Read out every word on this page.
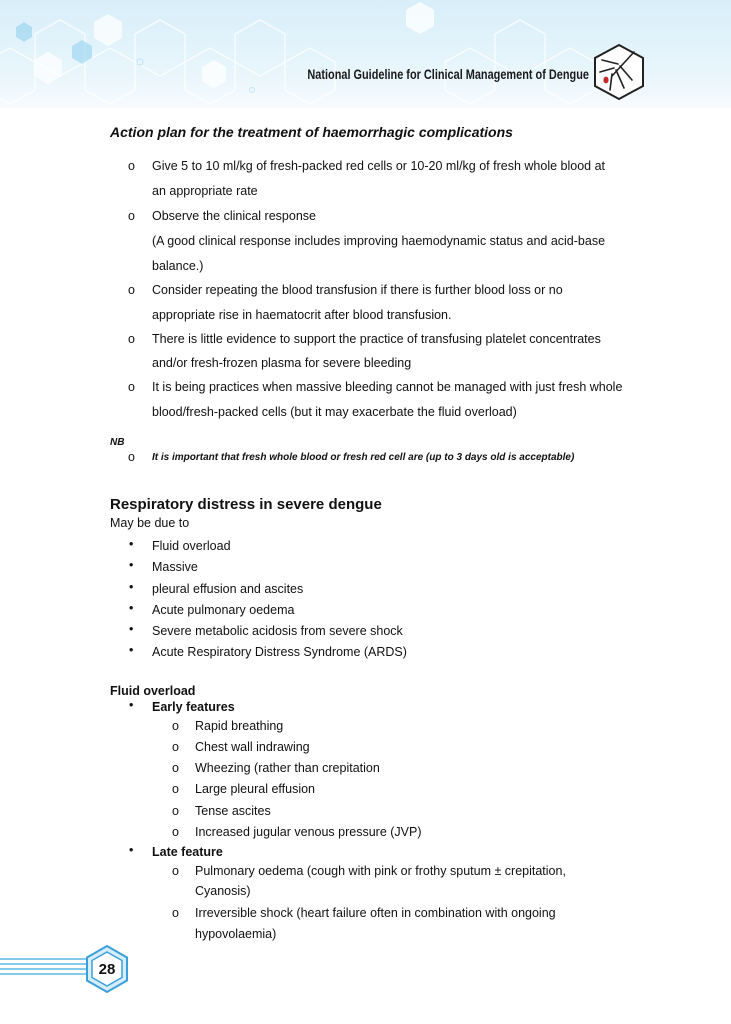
National Guideline for Clinical Management of Dengue
Action plan for the treatment of haemorrhagic complications
o Give 5 to 10 ml/kg of fresh-packed red cells or 10-20 ml/kg of fresh whole blood at
an appropriate rate
o Observe the clinical response
(A good clinical response includes improving haemodynamic status and acid-base
balance.)
o Consider repeating the blood transfusion if there is further blood loss or no
appropriate rise in haematocrit after blood transfusion.
o There is little evidence to support the practice of transfusing platelet concentrates
and/or fresh-frozen plasma for severe bleeding
o It is being practices when massive bleeding cannot be managed with just fresh whole
blood/fresh-packed cells (but it may exacerbate the fluid overload)
NB
o It is important that fresh whole blood or fresh red cell are (up to 3 days old is acceptable)
Respiratory distress in severe dengue
May be due to
• Fluid overload
• Massive
• pleural effusion and ascites
• Acute pulmonary oedema
• Severe metabolic acidosis from severe shock
• Acute Respiratory Distress Syndrome (ARDS)
Fluid overload
• Early features
o Rapid breathing
o Chest wall indrawing
o Wheezing (rather than crepitation
o Large pleural effusion
o Tense ascites
o Increased jugular venous pressure (JVP)
• Late feature
o Pulmonary oedema (cough with pink or frothy sputum ± crepitation,
Cyanosis)
o Irreversible shock (heart failure often in combination with ongoing
hypovolaemia)
28
